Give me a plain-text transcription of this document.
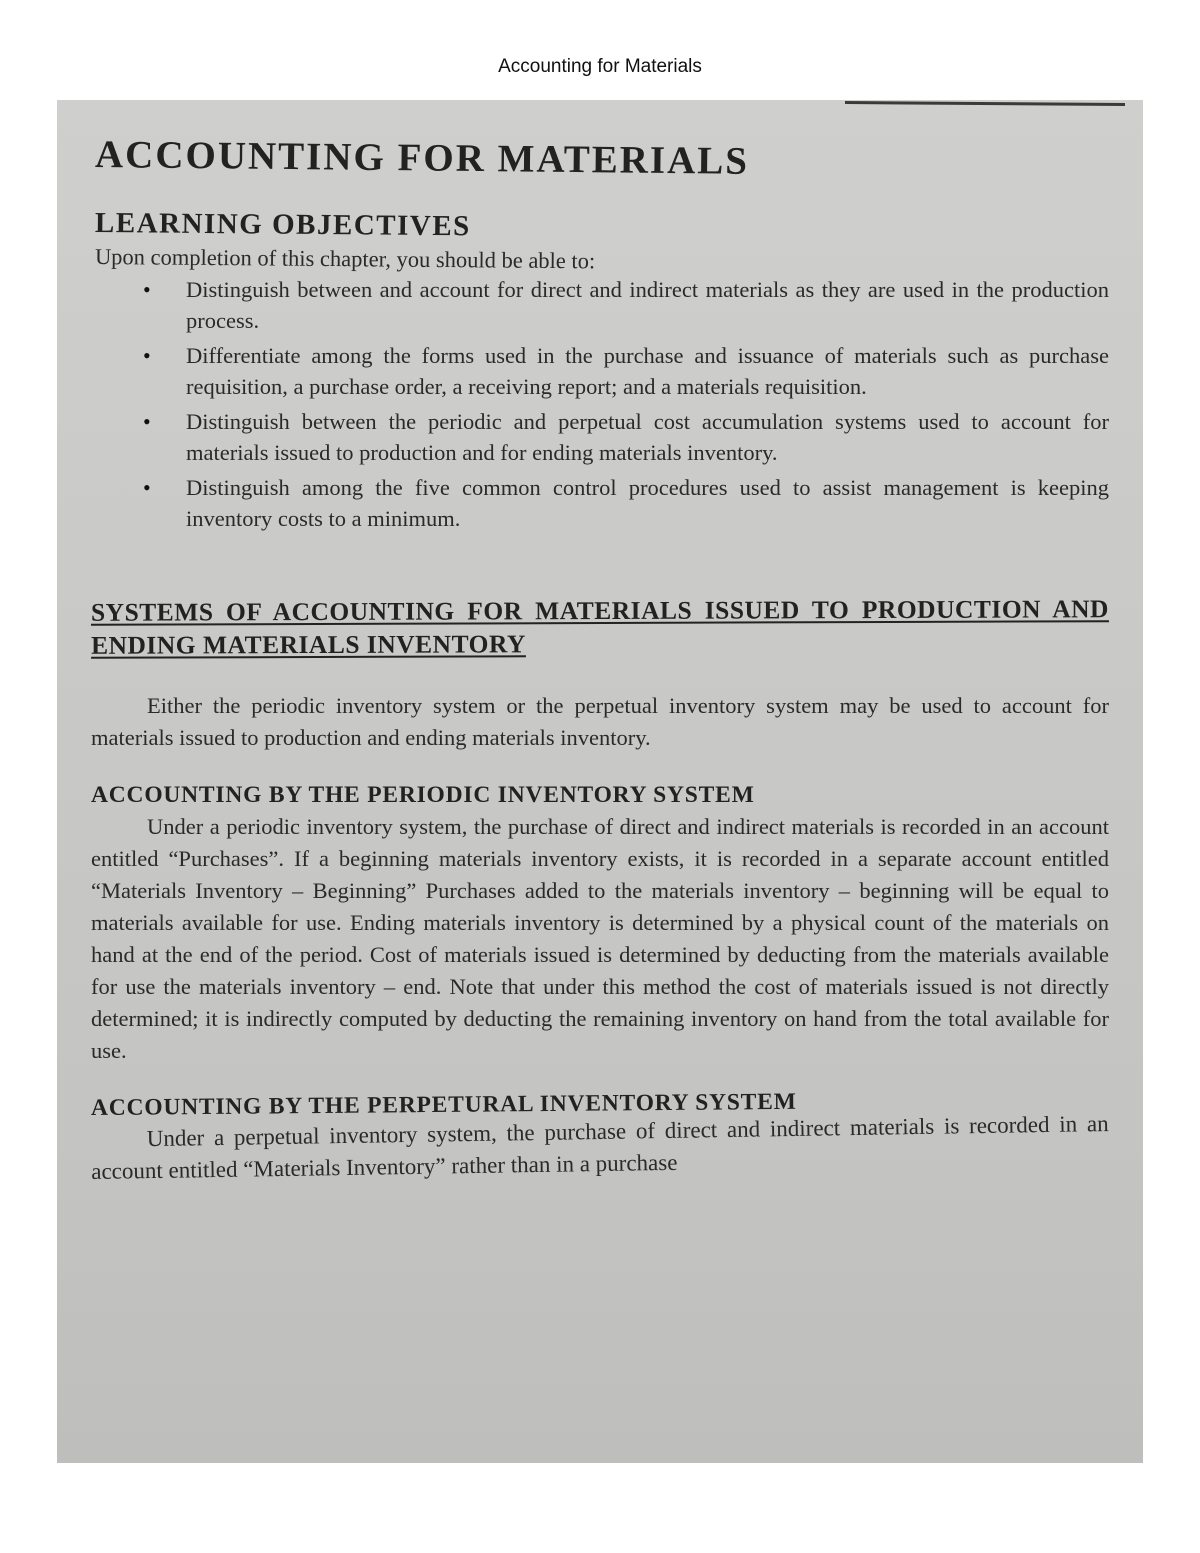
Accounting for Materials
ACCOUNTING FOR MATERIALS
LEARNING OBJECTIVES
Upon completion of this chapter, you should be able to:
• Distinguish between and account for direct and indirect materials as they are used in the production process.
• Differentiate among the forms used in the purchase and issuance of materials such as purchase requisition, a purchase order, a receiving report; and a materials requisition.
• Distinguish between the periodic and perpetual cost accumulation systems used to account for materials issued to production and for ending materials inventory.
• Distinguish among the five common control procedures used to assist management is keeping inventory costs to a minimum.
SYSTEMS OF ACCOUNTING FOR MATERIALS ISSUED TO PRODUCTION AND ENDING MATERIALS INVENTORY
Either the periodic inventory system or the perpetual inventory system may be used to account for materials issued to production and ending materials inventory.
ACCOUNTING BY THE PERIODIC INVENTORY SYSTEM
Under a periodic inventory system, the purchase of direct and indirect materials is recorded in an account entitled “Purchases”. If a beginning materials inventory exists, it is recorded in a separate account entitled “Materials Inventory – Beginning” Purchases added to the materials inventory – beginning will be equal to materials available for use. Ending materials inventory is determined by a physical count of the materials on hand at the end of the period. Cost of materials issued is determined by deducting from the materials available for use the materials inventory – end. Note that under this method the cost of materials issued is not directly determined; it is indirectly computed by deducting the remaining inventory on hand from the total available for use.
ACCOUNTING BY THE PERPETURAL INVENTORY SYSTEM
Under a perpetual inventory system, the purchase of direct and indirect materials is recorded in an account entitled “Materials Inventory” rather than in a purchase
